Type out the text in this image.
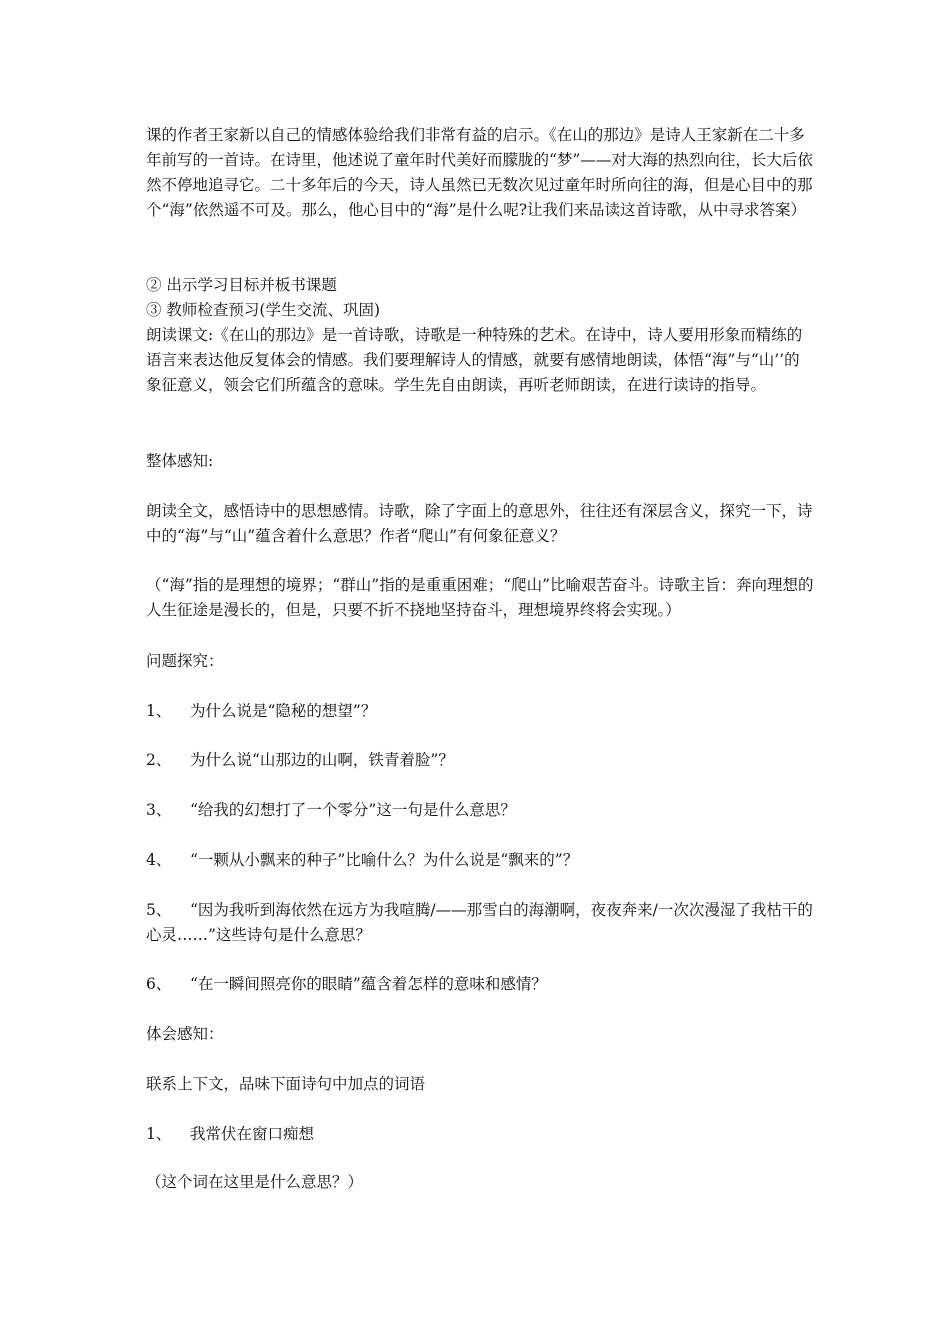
课的作者王家新以自己的情感体验给我们非常有益的启示。《在山的那边》是诗人王家新在二十多年前写的一首诗。在诗里，他述说了童年时代美好而朦胧的“梦”——对大海的热烈向往，长大后依然不停地追寻它。二十多年后的今天，诗人虽然已无数次见过童年时所向往的海，但是心目中的那个“海”依然遥不可及。那么，他心目中的“海”是什么呢?让我们来品读这首诗歌，从中寻求答案）

② 出示学习目标并板书课题

③ 教师检查预习(学生交流、巩固)

朗读课文:《在山的那边》是一首诗歌，诗歌是一种特殊的艺术。在诗中，诗人要用形象而精练的语言来表达他反复体会的情感。我们要理解诗人的情感，就要有感情地朗读，体悟“海”与“山’’的象征意义，领会它们所蕴含的意味。学生先自由朗读，再听老师朗读，在进行读诗的指导。

整体感知:

朗读全文，感悟诗中的思想感情。诗歌，除了字面上的意思外，往往还有深层含义，探究一下，诗中的“海”与“山”蕴含着什么意思？作者“爬山”有何象征意义？

（“海”指的是理想的境界；“群山”指的是重重困难；“爬山”比喻艰苦奋斗。诗歌主旨：奔向理想的人生征途是漫长的，但是，只要不折不挠地坚持奋斗，理想境界终将会实现。）

问题探究：

1、 为什么说是“隐秘的想望”？

2、 为什么说“山那边的山啊，铁青着脸”？

3、 “给我的幻想打了一个零分”这一句是什么意思？

4、 “一颗从小飘来的种子”比喻什么？为什么说是“飘来的”？

5、 “因为我听到海依然在远方为我喧腾/——那雪白的海潮啊，夜夜奔来/一次次漫湿了我枯干的心灵……”这些诗句是什么意思？

6、 “在一瞬间照亮你的眼睛”蕴含着怎样的意味和感情？

体会感知：

联系上下文，品味下面诗句中加点的词语

1、 我常伏在窗口痴想

（这个词在这里是什么意思？）
